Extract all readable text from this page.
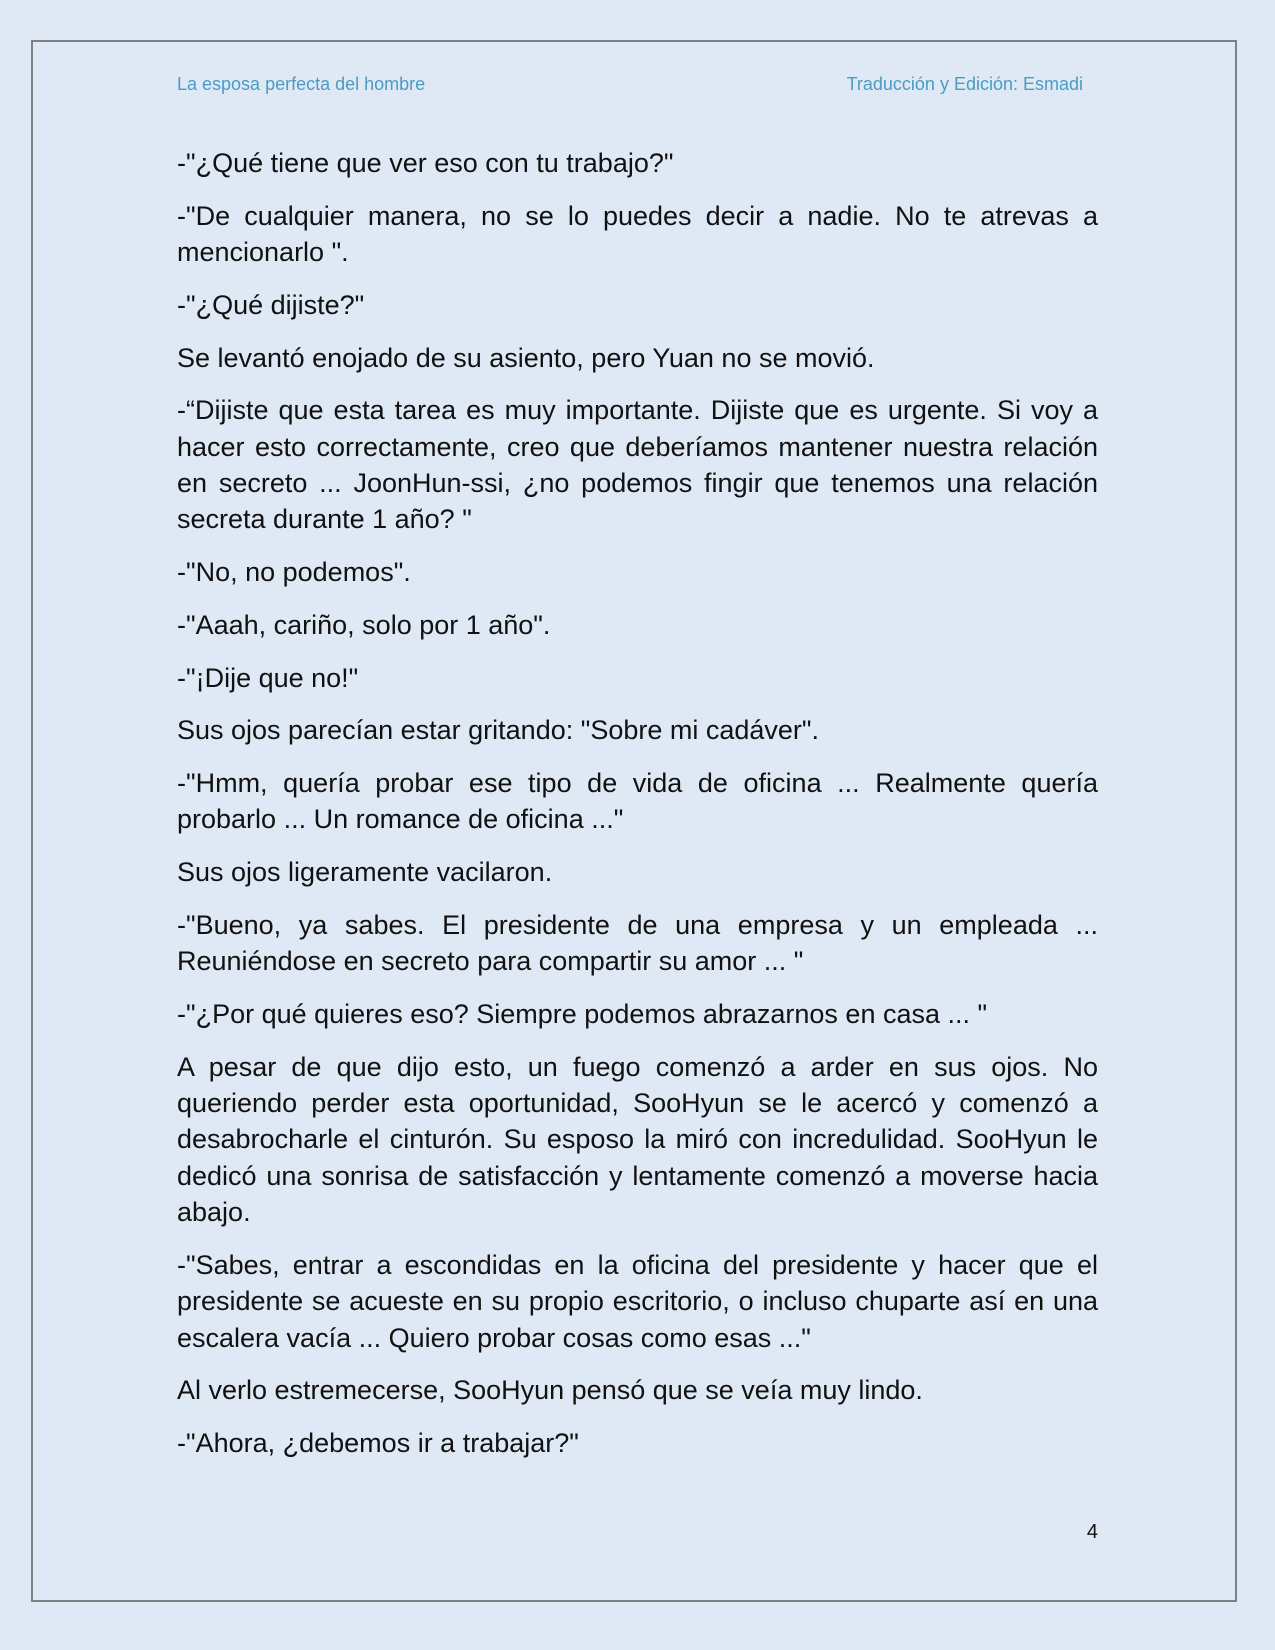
La esposa perfecta del hombre	Traducción y Edición: Esmadi

-"¿Qué tiene que ver eso con tu trabajo?"

-"De cualquier manera, no se lo puedes decir a nadie. No te atrevas a mencionarlo ".

-"¿Qué dijiste?"

Se levantó enojado de su asiento, pero Yuan no se movió.

-“Dijiste que esta tarea es muy importante. Dijiste que es urgente. Si voy a hacer esto correctamente, creo que deberíamos mantener nuestra relación en secreto ... JoonHun-ssi, ¿no podemos fingir que tenemos una relación secreta durante 1 año? "

-"No, no podemos".

-"Aaah, cariño, solo por 1 año".

-"¡Dije que no!"

Sus ojos parecían estar gritando: "Sobre mi cadáver".

-"Hmm, quería probar ese tipo de vida de oficina ... Realmente quería probarlo ... Un romance de oficina ..."

Sus ojos ligeramente vacilaron.

-"Bueno, ya sabes. El presidente de una empresa y un empleada ... Reuniéndose en secreto para compartir su amor ... "

-"¿Por qué quieres eso? Siempre podemos abrazarnos en casa ... "

A pesar de que dijo esto, un fuego comenzó a arder en sus ojos. No queriendo perder esta oportunidad, SooHyun se le acercó y comenzó a desabrocharle el cinturón. Su esposo la miró con incredulidad. SooHyun le dedicó una sonrisa de satisfacción y lentamente comenzó a moverse hacia abajo.

-"Sabes, entrar a escondidas en la oficina del presidente y hacer que el presidente se acueste en su propio escritorio, o incluso chuparte así en una escalera vacía ... Quiero probar cosas como esas ..."

Al verlo estremecerse, SooHyun pensó que se veía muy lindo.

-"Ahora, ¿debemos ir a trabajar?"

4
